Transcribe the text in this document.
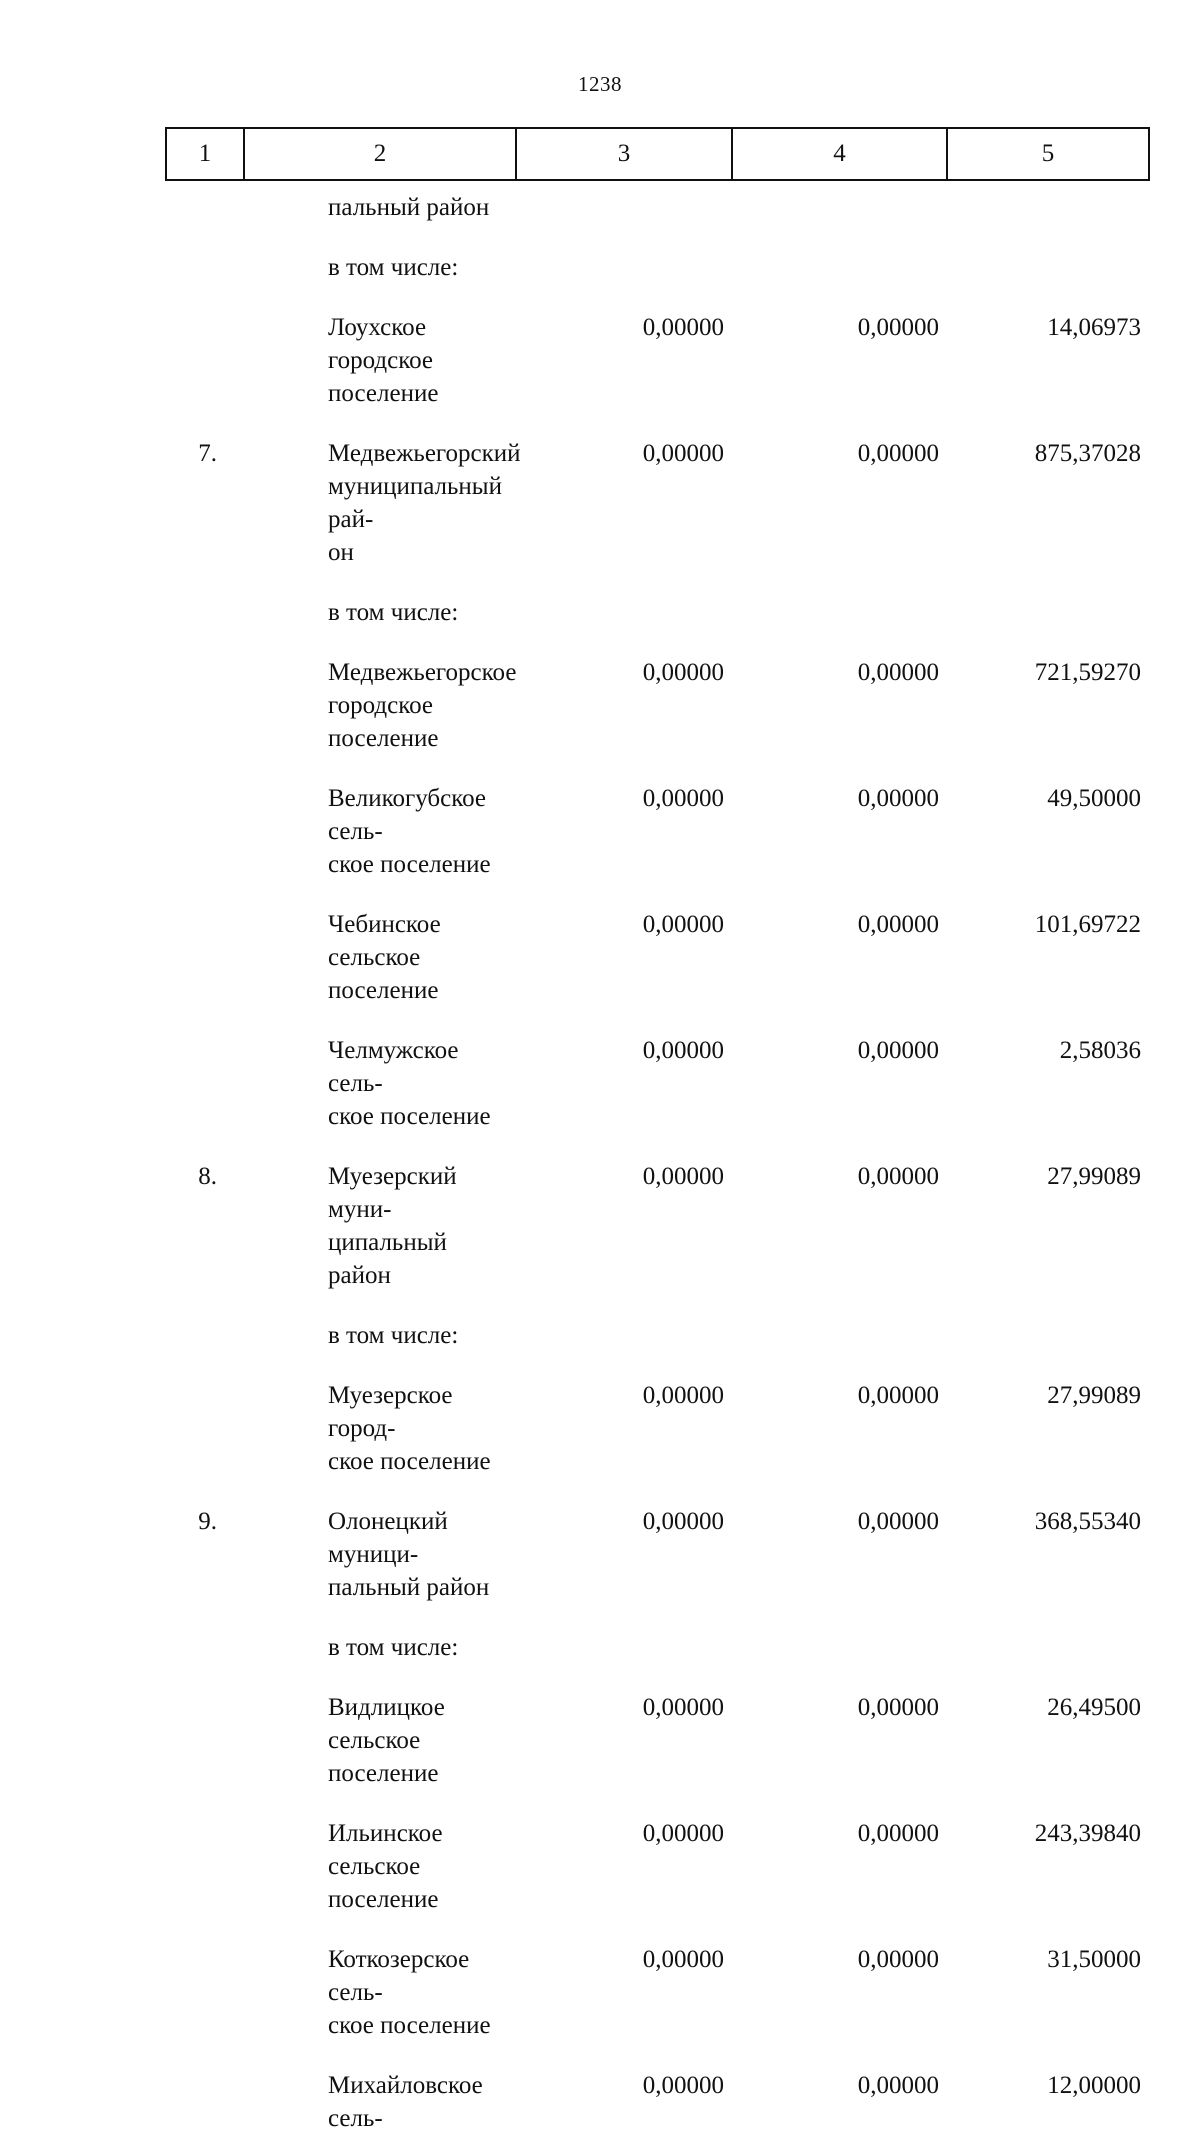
1238
1	2	3	4	5
	пальный район			
	в том числе:			
	Лоухское городское
поселение	0,00000	0,00000	14,06973
7.	Медвежьегорский
муниципальный рай-
он	0,00000	0,00000	875,37028
	в том числе:			
	Медвежьегорское
городское поселение	0,00000	0,00000	721,59270
	Великогубское сель-
ское поселение	0,00000	0,00000	49,50000
	Чебинское сельское
поселение	0,00000	0,00000	101,69722
	Челмужское сель-
ское поселение	0,00000	0,00000	2,58036
8.	Муезерский муни-
ципальный район	0,00000	0,00000	27,99089
	в том числе:			
	Муезерское город-
ское поселение	0,00000	0,00000	27,99089
9.	Олонецкий муници-
пальный район	0,00000	0,00000	368,55340
	в том числе:			
	Видлицкое сельское
поселение	0,00000	0,00000	26,49500
	Ильинское сельское
поселение	0,00000	0,00000	243,39840
	Коткозерское сель-
ское поселение	0,00000	0,00000	31,50000
	Михайловское сель-	0,00000	0,00000	12,00000
